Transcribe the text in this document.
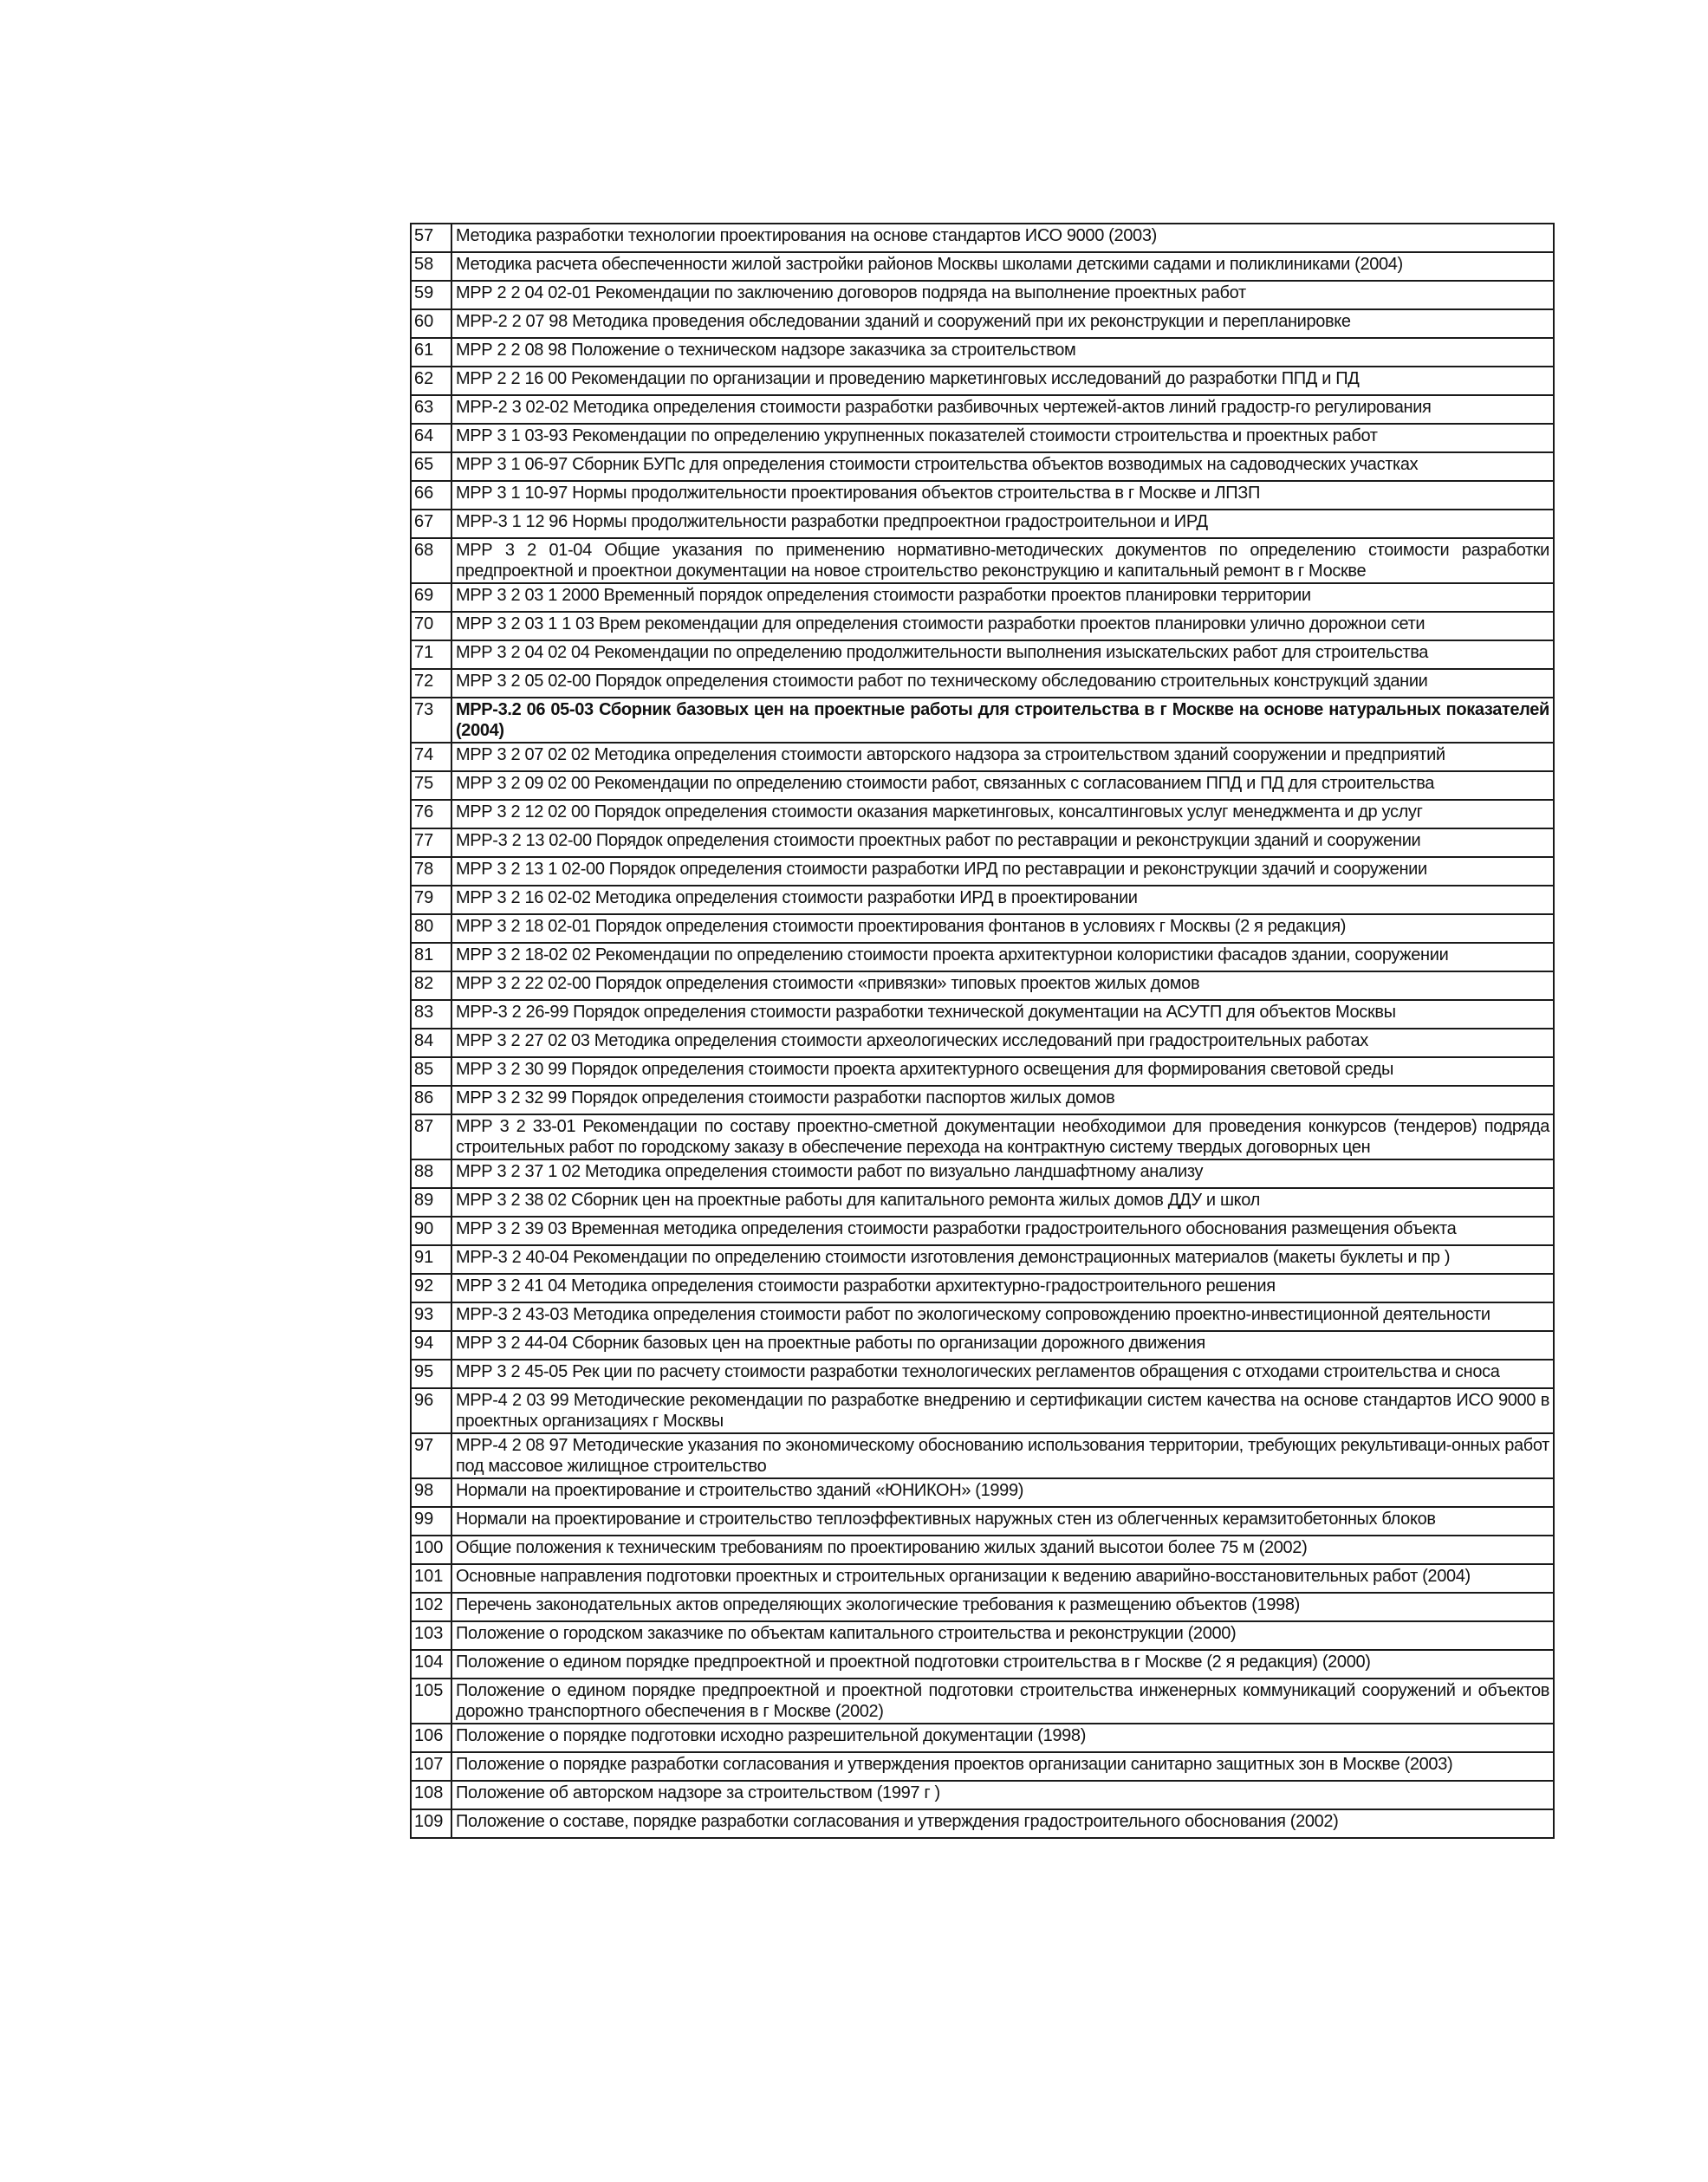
57	Методика разработки технологии проектирования на основе стандартов ИСО 9000 (2003)
58	Методика расчета обеспеченности жилой застройки районов Москвы школами детскими садами и поликлиниками (2004)
59	МРР 2 2 04 02-01 Рекомендации по заключению договоров подряда на выполнение проектных работ
60	МРР-2 2 07 98 Методика проведения обследовании зданий и сооружений при их реконструкции и перепланировке
61	МРР 2 2 08 98 Положение о техническом надзоре заказчика за строительством
62	МРР 2 2 16 00 Рекомендации по организации и проведению маркетинговых исследований до разработки ППД и ПД
63	МРР-2 3 02-02 Методика определения стоимости разработки разбивочных чертежей-актов линий градостр-го регулирования
64	МРР 3 1 03-93 Рекомендации по определению укрупненных показателей стоимости строительства и проектных работ
65	МРР 3 1 06-97 Сборник БУПс для определения стоимости строительства объектов возводимых на садоводческих участках
66	МРР 3 1 10-97 Нормы продолжительности проектирования объектов строительства в г Москве и ЛПЗП
67	МРР-3 1 12 96 Нормы продолжительности разработки предпроектнои градостроительнои и ИРД
68	МРР 3 2 01-04 Общие указания по применению нормативно-методических документов по определению стоимости разработки предпроектной и проектнои документации на новое строительство реконструкцию и капитальный ремонт в г Москве
69	МРР 3 2 03 1 2000 Временный порядок определения стоимости разработки проектов планировки территории
70	МРР 3 2 03 1 1 03 Врем рекомендации для определения стоимости разработки проектов планировки улично дорожнои сети
71	МРР 3 2 04 02 04 Рекомендации по определению продолжительности выполнения изыскательских работ для строительства
72	МРР 3 2 05 02-00 Порядок определения стоимости работ по техническому обследованию строительных конструкций здании
73	МРР-3.2 06 05-03 Сборник базовых цен на проектные работы для строительства в г Москве на основе натуральных показателей (2004)
74	МРР 3 2 07 02 02 Методика определения стоимости авторского надзора за строительством зданий сооружении и предприятий
75	МРР 3 2 09 02 00 Рекомендации по определению стоимости работ, связанных с согласованием ППД и ПД для строительства
76	МРР 3 2 12 02 00 Порядок определения стоимости оказания маркетинговых, консалтинговых услуг менеджмента и др услуг
77	МРР-3 2 13 02-00 Порядок определения стоимости проектных работ по реставрации и реконструкции зданий и сооружении
78	МРР 3 2 13 1 02-00 Порядок определения стоимости разработки ИРД по реставрации и реконструкции здачий и сооружении
79	МРР 3 2 16 02-02 Методика определения стоимости разработки ИРД в проектировании
80	МРР 3 2 18 02-01 Порядок определения стоимости проектирования фонтанов в условиях г Москвы (2 я редакция)
81	МРР 3 2 18-02 02 Рекомендации по определению стоимости проекта архитектурнои колористики фасадов здании, сооружении
82	МРР 3 2 22 02-00 Порядок определения стоимости «привязки» типовых проектов жилых домов
83	МРР-3 2 26-99 Порядок определения стоимости разработки технической документации на АСУТП для объектов Москвы
84	МРР 3 2 27 02 03 Методика определения стоимости археологических исследований при градостроительных работах
85	МРР 3 2 30 99 Порядок определения стоимости проекта архитектурного освещения для формирования световой среды
86	МРР 3 2 32 99 Порядок определения стоимости разработки паспортов жилых домов
87	МРР 3 2 33-01 Рекомендации по составу проектно-сметной документации необходимои для проведения конкурсов (тендеров) подряда строительных работ по городскому заказу в обеспечение перехода на контрактную систему твердых договорных цен
88	МРР 3 2 37 1 02 Методика определения стоимости работ по визуально ландшафтному анализу
89	МРР 3 2 38 02 Сборник цен на проектные работы для капитального ремонта жилых домов ДДУ и школ
90	МРР 3 2 39 03 Временная методика определения стоимости разработки градостроительного обоснования размещения объекта
91	МРР-3 2 40-04 Рекомендации по определению стоимости изготовления демонстрационных материалов (макеты буклеты и пр )
92	МРР 3 2 41 04 Методика определения стоимости разработки архитектурно-градостроительного решения
93	МРР-3 2 43-03 Методика определения стоимости работ по экологическому сопровождению проектно-инвестиционной деятельности
94	МРР 3 2 44-04 Сборник базовых цен на проектные работы по организации дорожного движения
95	МРР 3 2 45-05 Рек ции по расчету стоимости разработки технологических регламентов обращения с отходами строительства и сноса
96	МРР-4 2 03 99 Методические рекомендации по разработке внедрению и сертификации систем качества на основе стандартов ИСО 9000 в проектных организациях г Москвы
97	МРР-4 2 08 97 Методические указания по экономическому обоснованию использования территории, требующих рекультиваци-онных работ под массовое жилищное строительство
98	Нормали на проектирование и строительство зданий «ЮНИКОН» (1999)
99	Нормали на проектирование и строительство теплоэффективных наружных стен из облегченных керамзитобетонных блоков
100	Общие положения к техническим требованиям по проектированию жилых зданий высотои более 75 м (2002)
101	Основные направления подготовки проектных и строительных организации к ведению аварийно-восстановительных работ (2004)
102	Перечень законодательных актов определяющих экологические требования к размещению объектов (1998)
103	Положение о городском заказчике по объектам капитального строительства и реконструкции (2000)
104	Положение о едином порядке предпроектной и проектной подготовки строительства в г Москве (2 я редакция) (2000)
105	Положение о едином порядке предпроектной и проектной подготовки строительства инженерных коммуникаций сооружений и объектов дорожно транспортного обеспечения в г Москве (2002)
106	Положение о порядке подготовки исходно разрешительной документации (1998)
107	Положение о порядке разработки согласования и утверждения проектов организации санитарно защитных зон в Москве (2003)
108	Положение об авторском надзоре за строительством (1997 г )
109	Положение о составе, порядке разработки согласования и утверждения градостроительного обоснования (2002)
